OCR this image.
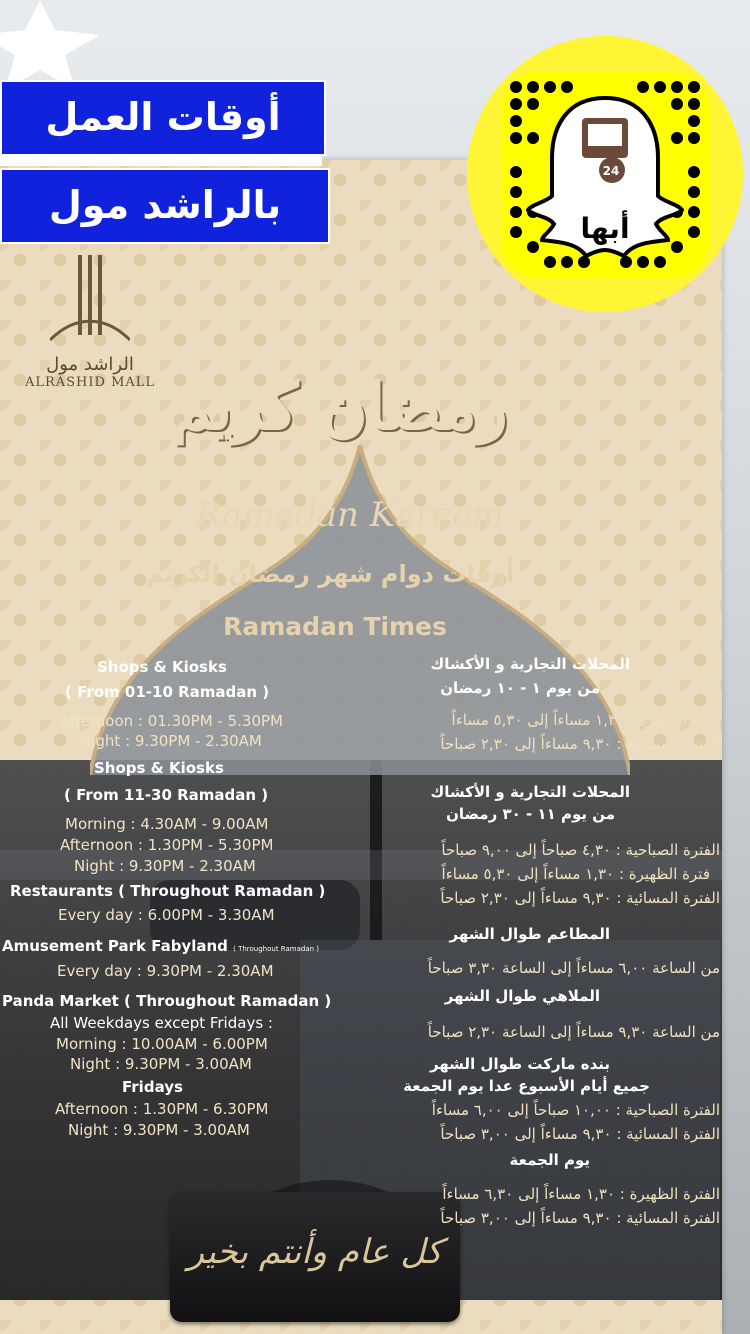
الراشد مول
ALRASHID MALL رمضان كريم
Ramadan Kareem
أوقات دوام شهر رمضان الكريم
Ramadan Times
كل عام وأنتم بخير
Shops & Kiosks
( From 01-10 Ramadan )
Afternoon : 01.30PM - 5.30PM
Night : 9.30PM - 2.30AM
Shops & Kiosks
( From 11-30 Ramadan )
Morning : 4.30AM - 9.00AM
Afternoon : 1.30PM - 5.30PM
Night : 9.30PM - 2.30AM
Restaurants ( Throughout Ramadan )
Every day : 6.00PM - 3.30AM
Amusement Park Fabyland ( Throughout Ramadan )
Every day : 9.30PM - 2.30AM
Panda Market ( Throughout Ramadan )
All Weekdays except Fridays :
Morning : 10.00AM - 6.00PM
Night : 9.30PM - 3.00AM
Fridays
Afternoon : 1.30PM - 6.30PM
Night : 9.30PM - 3.00AM
المحلات التجارية و الأكشاك
من يوم ١ - ١٠ رمضان
فترة الظهيرة : ١,٣٠ مساءاً إلى ٥,٣٠ مساءاً
الفترة المسائية : ٩,٣٠ مساءاً إلى ٢,٣٠ صباحاً
المحلات التجارية و الأكشاك
من يوم ١١ - ٣٠ رمضان
الفترة الصباحية : ٤,٣٠ صباحاً إلى ٩,٠٠ صباحاً
فترة الظهيرة : ١,٣٠ مساءاً إلى ٥,٣٠ مساءاً
الفترة المسائية : ٩,٣٠ مساءاً إلى ٢,٣٠ صباحاً
المطاعم طوال الشهر
من الساعة ٦,٠٠ مساءاً إلى الساعة ٣,٣٠ صباحاً
الملاهي طوال الشهر
من الساعة ٩,٣٠ مساءاً إلى الساعة ٢,٣٠ صباحاً
بنده ماركت طوال الشهر
جميع أيام الأسبوع عدا يوم الجمعة
الفترة الصباحية : ١٠,٠٠ صباحاً إلى ٦,٠٠ مساءاً
الفترة المسائية : ٩,٣٠ مساءاً إلى ٣,٠٠ صباحاً
يوم الجمعة
الفترة الظهيرة : ١,٣٠ مساءاً إلى ٦,٣٠ مساءاً
الفترة المسائية : ٩,٣٠ مساءاً إلى ٣,٠٠ صباحاً
أوقات العمل
بالراشد مول
24
أبها
